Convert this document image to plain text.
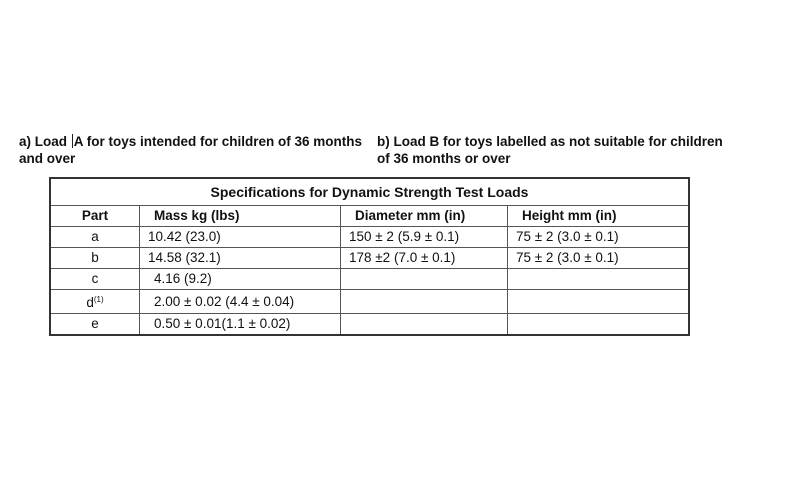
a) Load A for toys intended for children of 36 months and over
b) Load B for toys labelled as not suitable for children of 36 months or over
Specifications for Dynamic Strength Test Loads			
Part	Mass kg (lbs)	Diameter mm (in)	Height mm (in)
a	10.42 (23.0)	150 ± 2 (5.9 ± 0.1)	75 ± 2 (3.0 ± 0.1)
b	14.58 (32.1)	178 ±2 (7.0 ± 0.1)	75 ± 2 (3.0 ± 0.1)
c	4.16 (9.2)		
$d^{(1)}$	2.00 ± 0.02 (4.4 ± 0.04)		
e	0.50 ± 0.01(1.1 ± 0.02)		
